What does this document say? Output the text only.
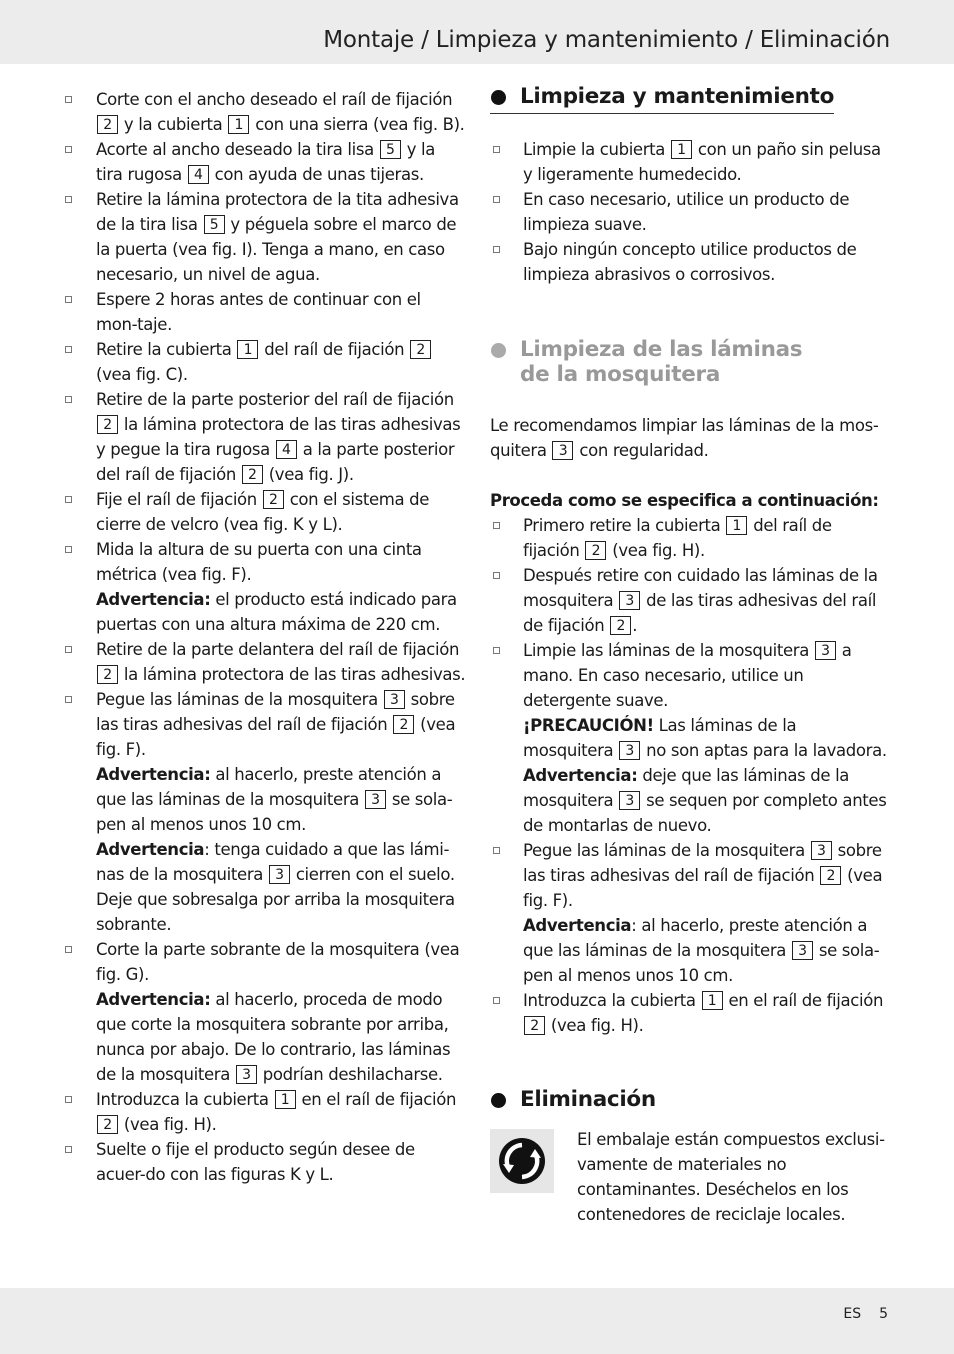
Montaje / Limpieza y mantenimiento / Eliminación
Corte con el ancho deseado el raíl de fijación 2 y la cubierta 1 con una sierra (vea fig. B).
Acorte al ancho deseado la tira lisa 5 y la tira rugosa 4 con ayuda de unas tijeras.
Retire la lámina protectora de la tita adhesiva de la tira lisa 5 y péguela sobre el marco de la puerta (vea fig. I). Tenga a mano, en caso necesario, un nivel de agua.
Espere 2 horas antes de continuar con el mon-taje.
Retire la cubierta 1 del raíl de fijación 2 (vea fig. C).
Retire de la parte posterior del raíl de fijación 2 la lámina protectora de las tiras adhesivas y pegue la tira rugosa 4 a la parte posterior del raíl de fijación 2 (vea fig. J).
Fije el raíl de fijación 2 con el sistema de cierre de velcro (vea fig. K y L).
Mida la altura de su puerta con una cinta métrica (vea fig. F).
Advertencia: el producto está indicado para puertas con una altura máxima de 220 cm.
Retire de la parte delantera del raíl de fijación 2 la lámina protectora de las tiras adhesivas.
Pegue las láminas de la mosquitera 3 sobre las tiras adhesivas del raíl de fijación 2 (vea fig. F).
Advertencia: al hacerlo, preste atención a que las láminas de la mosquitera 3 se sola-pen al menos unos 10 cm.
Advertencia: tenga cuidado a que las lámi-nas de la mosquitera 3 cierren con el suelo. Deje que sobresalga por arriba la mosquitera sobrante.
Corte la parte sobrante de la mosquitera (vea fig. G).
Advertencia: al hacerlo, proceda de modo que corte la mosquitera sobrante por arriba, nunca por abajo. De lo contrario, las láminas de la mosquitera 3 podrían deshilacharse.
Introduzca la cubierta 1 en el raíl de fijación 2 (vea fig. H).
Suelte o fije el producto según desee de acuer-do con las figuras K y L.
Limpieza y mantenimiento
Limpie la cubierta 1 con un paño sin pelusa y ligeramente humedecido.
En caso necesario, utilice un producto de limpieza suave.
Bajo ningún concepto utilice productos de limpieza abrasivos o corrosivos.
Limpieza de las láminas
de la mosquitera
Le recomendamos limpiar las láminas de la mos-quitera 3 con regularidad.
Proceda como se especifica a continuación:
Primero retire la cubierta 1 del raíl de fijación 2 (vea fig. H).
Después retire con cuidado las láminas de la mosquitera 3 de las tiras adhesivas del raíl de fijación 2 .
Limpie las láminas de la mosquitera 3 a mano. En caso necesario, utilice un detergente suave.
¡PRECAUCIÓN! Las láminas de la mosquitera 3 no son aptas para la lavadora.
Advertencia: deje que las láminas de la mosquitera 3 se sequen por completo antes de montarlas de nuevo.
Pegue las láminas de la mosquitera 3 sobre las tiras adhesivas del raíl de fijación 2 (vea fig. F).
Advertencia: al hacerlo, preste atención a que las láminas de la mosquitera 3 se sola-pen al menos unos 10 cm.
Introduzca la cubierta 1 en el raíl de fijación 2 (vea fig. H).
Eliminación
El embalaje están compuestos exclusi-vamente de materiales no contaminantes. Deséchelos en los contenedores de reciclaje locales.
ES 5
